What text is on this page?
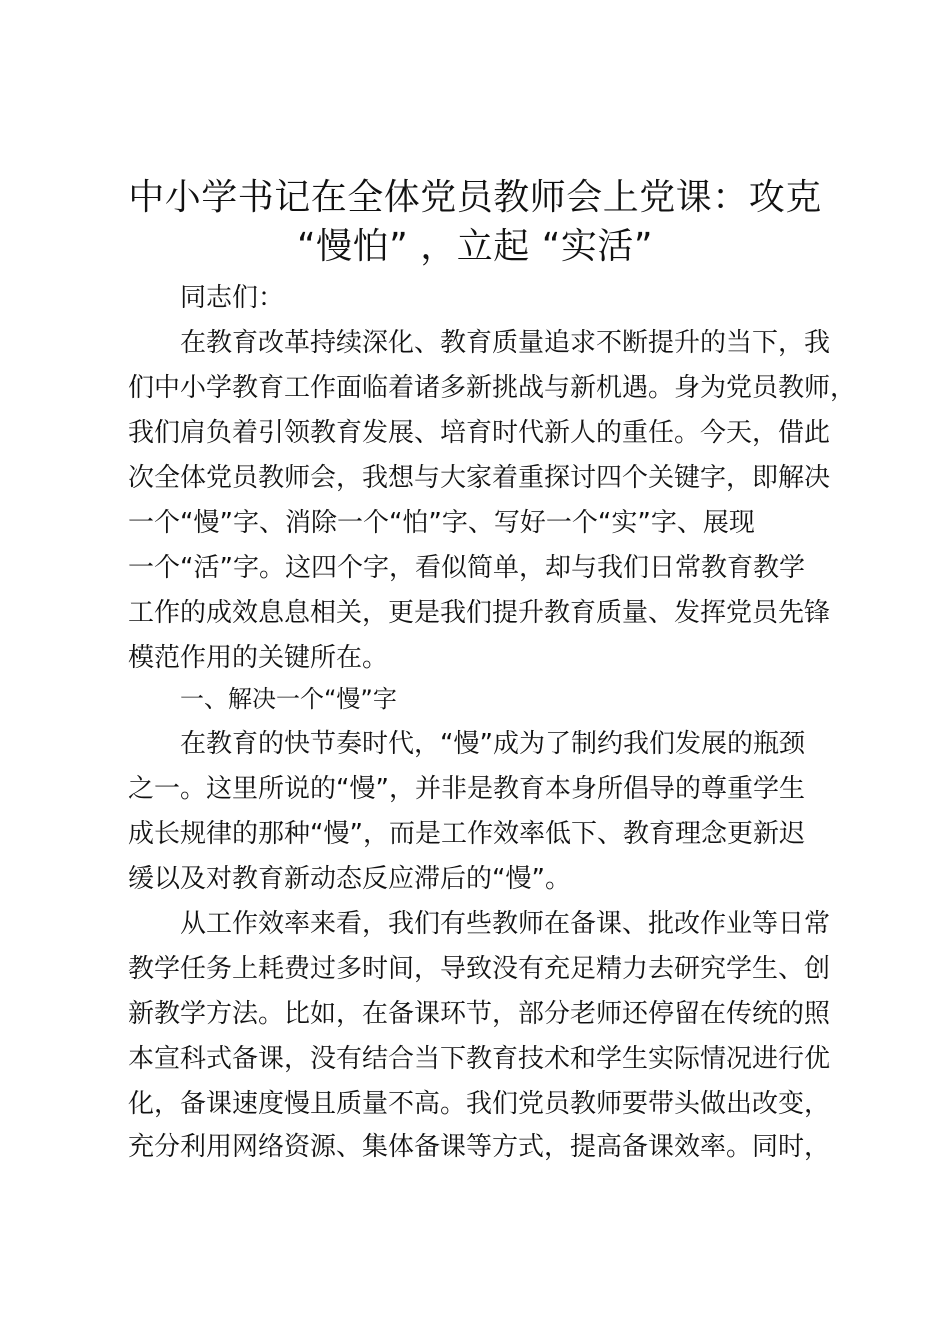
中小学书记在全体党员教师会上党课：攻克
“慢怕” ，立起 “实活”
同志们：
在教育改革持续深化、教育质量追求不断提升的当下，我
们中小学教育工作面临着诸多新挑战与新机遇。身为党员教师，
我们肩负着引领教育发展、培育时代新人的重任。今天，借此
次全体党员教师会，我想与大家着重探讨四个关键字，即解决
一个“慢”字、消除一个“怕”字、写好一个“实”字、展现
一个“活”字。这四个字，看似简单，却与我们日常教育教学
工作的成效息息相关，更是我们提升教育质量、发挥党员先锋
模范作用的关键所在。
一、解决一个“慢”字
在教育的快节奏时代，“慢”成为了制约我们发展的瓶颈
之一。这里所说的“慢”，并非是教育本身所倡导的尊重学生
成长规律的那种“慢”，而是工作效率低下、教育理念更新迟
缓以及对教育新动态反应滞后的“慢”。
从工作效率来看，我们有些教师在备课、批改作业等日常
教学任务上耗费过多时间，导致没有充足精力去研究学生、创
新教学方法。比如，在备课环节，部分老师还停留在传统的照
本宣科式备课，没有结合当下教育技术和学生实际情况进行优
化，备课速度慢且质量不高。我们党员教师要带头做出改变，
充分利用网络资源、集体备课等方式，提高备课效率。同时，
